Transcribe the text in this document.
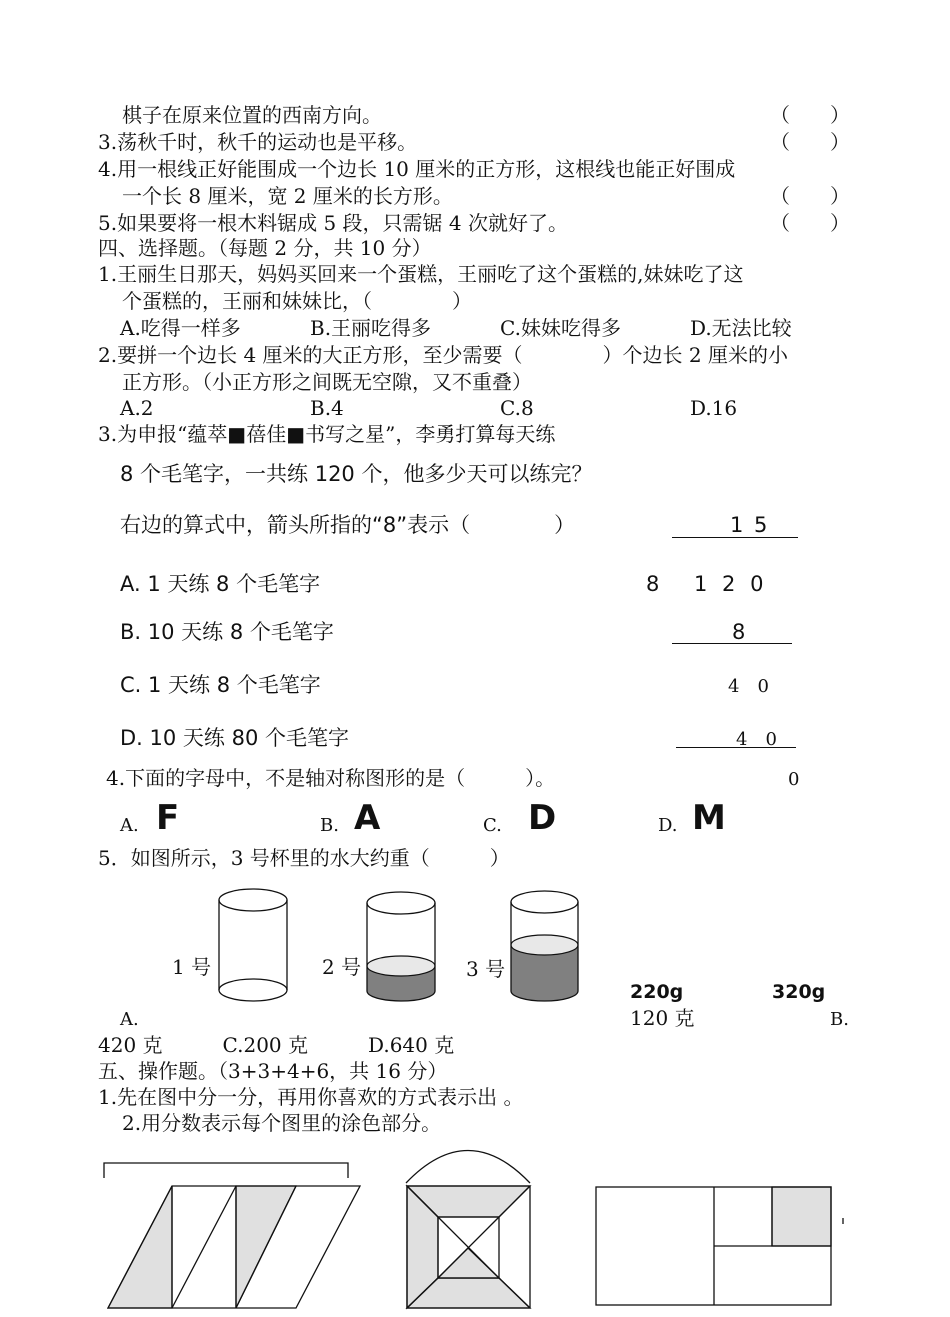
棋子在原来位置的西南方向。	（　　）
3.荡秋千时，秋千的运动也是平移。	（　　）
4.用一根线正好能围成一个边长 10 厘米的正方形，这根线也能正好围成
一个长 8 厘米，宽 2 厘米的长方形。	（　　）
5.如果要将一根木料锯成 5 段，只需锯 4 次就好了。	（　　）
四、选择题。（每题 2 分，共 10 分）
1.王丽生日那天，妈妈买回来一个蛋糕，王丽吃了这个蛋糕的,妹妹吃了这
个蛋糕的，王丽和妹妹比，（　　　　）
A.吃得一样多	B.王丽吃得多	C.妹妹吃得多	D.无法比较
2.要拼一个边长 4 厘米的大正方形，至少需要（　　　　）个边长 2 厘米的小
正方形。（小正方形之间既无空隙，又不重叠）
A.2	B.4	C.8	D.16
3.为申报“蕴萃■蓓佳■书写之星”，李勇打算每天练
8 个毛笔字，一共练 120 个，他多少天可以练完？
右边的算式中，箭头所指的“8”表示（　　　　）
A. 1 天练 8 个毛笔字
B. 10 天练 8 个毛笔字
C. 1 天练 8 个毛笔字
D. 10 天练 80 个毛笔字
1 5
8 1 2 0
8
4　0
4　0
0
4.下面的字母中，不是轴对称图形的是（　　　）。
A. F	B. A	C. D	D. M
5．如图所示，3 号杯里的水大约重（　　　）
1 号	2 号	3 号
220g	320g
A.	120 克	B.
420 克　　　C.200 克　　　D.640 克
五、操作题。（3+3+4+6，共 16 分）
1.先在图中分一分，再用你喜欢的方式表示出 。
2.用分数表示每个图里的涂色部分。
